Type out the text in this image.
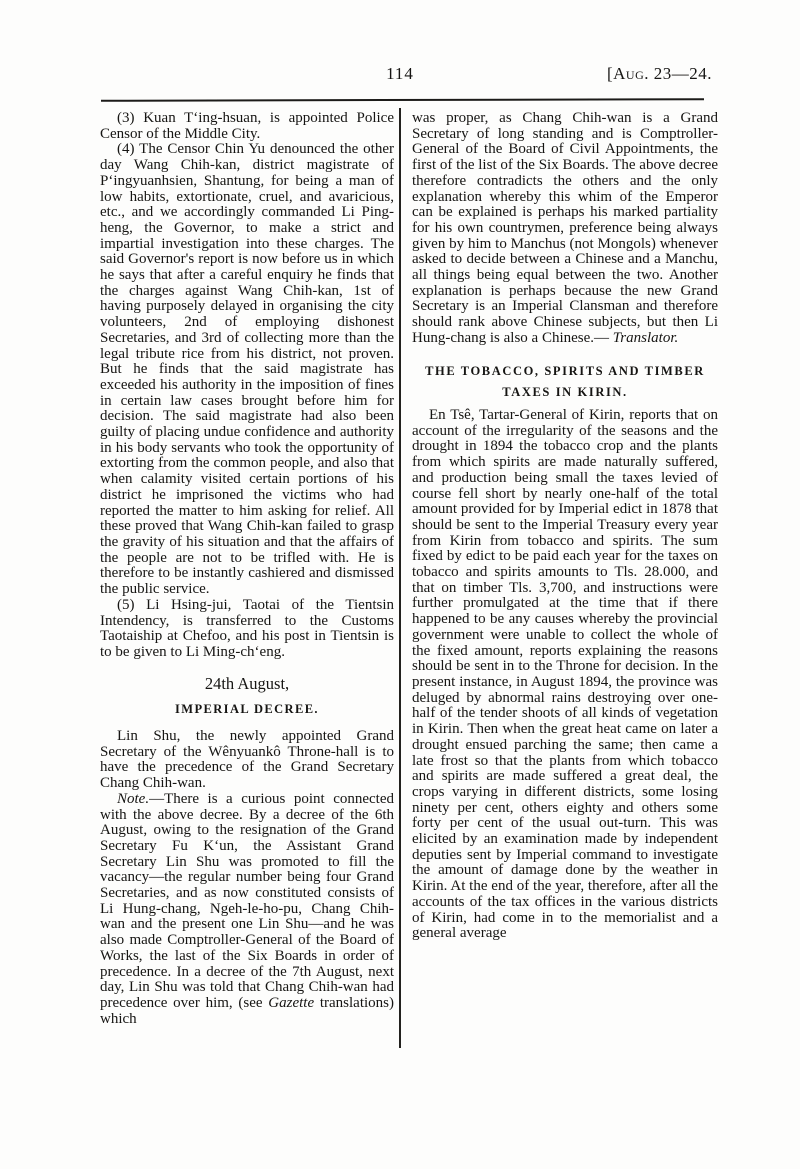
114	[Aug. 23—24.
(3) Kuan T‘ing-hsuan, is appointed Police Censor of the Middle City.
(4) The Censor Chin Yu denounced the other day Wang Chih-kan, district magistrate of P‘ingyuanhsien, Shantung, for being a man of low habits, extortionate, cruel, and avaricious, etc., and we accordingly commanded Li Ping-heng, the Governor, to make a strict and impartial investigation into these charges. The said Governor's report is now before us in which he says that after a careful enquiry he finds that the charges against Wang Chih-kan, 1st of having purposely delayed in organising the city volunteers, 2nd of employing dishonest Secretaries, and 3rd of collecting more than the legal tribute rice from his district, not proven. But he finds that the said magistrate has exceeded his authority in the imposition of fines in certain law cases brought before him for decision. The said magistrate had also been guilty of placing undue confidence and authority in his body servants who took the opportunity of extorting from the common people, and also that when calamity visited certain portions of his district he imprisoned the victims who had reported the matter to him asking for relief. All these proved that Wang Chih-kan failed to grasp the gravity of his situation and that the affairs of the people are not to be trifled with. He is therefore to be instantly cashiered and dismissed the public service.
(5) Li Hsing-jui, Taotai of the Tientsin Intendency, is transferred to the Customs Taotaiship at Chefoo, and his post in Tientsin is to be given to Li Ming-ch‘eng.
24th August,
IMPERIAL DECREE.
Lin Shu, the newly appointed Grand Secretary of the Wênyuankô Throne-hall is to have the precedence of the Grand Secretary Chang Chih-wan.
Note.—There is a curious point connected with the above decree. By a decree of the 6th August, owing to the resignation of the Grand Secretary Fu K‘un, the Assistant Grand Secretary Lin Shu was promoted to fill the vacancy—the regular number being four Grand Secretaries, and as now constituted consists of Li Hung-chang, Ngeh-le-ho-pu, Chang Chih-wan and the present one Lin Shu—and he was also made Comptroller-General of the Board of Works, the last of the Six Boards in order of precedence. In a decree of the 7th August, next day, Lin Shu was told that Chang Chih-wan had precedence over him, (see Gazette translations) which
was proper, as Chang Chih-wan is a Grand Secretary of long standing and is Comptroller-General of the Board of Civil Appointments, the first of the list of the Six Boards. The above decree therefore contradicts the others and the only explanation whereby this whim of the Emperor can be explained is perhaps his marked partiality for his own countrymen, preference being always given by him to Manchus (not Mongols) whenever asked to decide between a Chinese and a Manchu, all things being equal between the two. Another explanation is perhaps because the new Grand Secretary is an Imperial Clansman and therefore should rank above Chinese subjects, but then Li Hung-chang is also a Chinese.— Translator.
THE TOBACCO, SPIRITS AND TIMBER TAXES IN KIRIN.
En Tsê, Tartar-General of Kirin, reports that on account of the irregularity of the seasons and the drought in 1894 the tobacco crop and the plants from which spirits are made naturally suffered, and production being small the taxes levied of course fell short by nearly one-half of the total amount provided for by Imperial edict in 1878 that should be sent to the Imperial Treasury every year from Kirin from tobacco and spirits. The sum fixed by edict to be paid each year for the taxes on tobacco and spirits amounts to Tls. 28.000, and that on timber Tls. 3,700, and instructions were further promulgated at the time that if there happened to be any causes whereby the provincial government were unable to collect the whole of the fixed amount, reports explaining the reasons should be sent in to the Throne for decision. In the present instance, in August 1894, the province was deluged by abnormal rains destroying over one-half of the tender shoots of all kinds of vegetation in Kirin. Then when the great heat came on later a drought ensued parching the same; then came a late frost so that the plants from which tobacco and spirits are made suffered a great deal, the crops varying in different districts, some losing ninety per cent, others eighty and others some forty per cent of the usual out-turn. This was elicited by an examination made by independent deputies sent by Imperial command to investigate the amount of damage done by the weather in Kirin. At the end of the year, therefore, after all the accounts of the tax offices in the various districts of Kirin, had come in to the memorialist and a general average
